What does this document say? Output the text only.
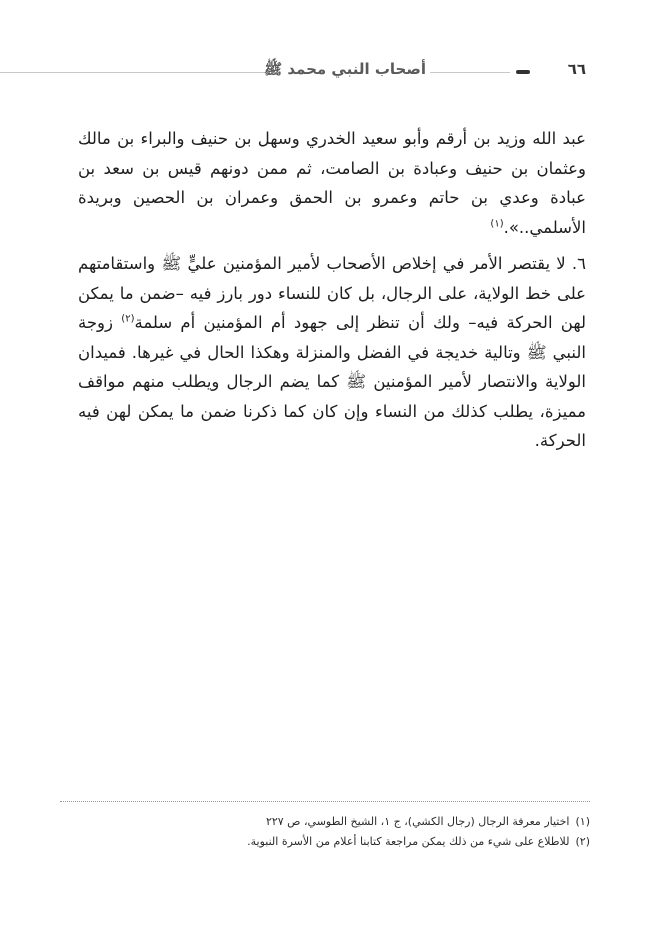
أصحاب النبي محمد ﷺ	٦٦

عبد الله وزيد بن أرقم وأبو سعيد الخدري وسهل بن حنيف والبراء بن مالك وعثمان بن حنيف وعبادة بن الصامت، ثم ممن دونهم قيس بن سعد بن عبادة وعدي بن حاتم وعمرو بن الحمق وعمران بن الحصين وبريدة الأسلمي..».$^{(١)}$

٦. لا يقتصر الأمر في إخلاص الأصحاب لأمير المؤمنين عليٍّ ﷺ واستقامتهم على خط الولاية، على الرجال، بل كان للنساء دور بارز فيه –ضمن ما يمكن لهن الحركة فيه– ولك أن تنظر إلى جهود أم المؤمنين أم سلمة$^{(٢)}$ زوجة النبي ﷺ وتالية خديجة في الفضل والمنزلة وهكذا الحال في غيرها. فميدان الولاية والانتصار لأمير المؤمنين ﷺ كما يضم الرجال ويطلب منهم مواقف مميزة، يطلب كذلك من النساء وإن كان كما ذكرنا ضمن ما يمكن لهن فيه الحركة.

(١)اختيار معرفة الرجال (رجال الكشي)، ج ١، الشيخ الطوسي، ص ٢٢٧
(٢)للاطلاع على شيء من ذلك يمكن مراجعة كتابنا أعلام من الأسرة النبوية.
